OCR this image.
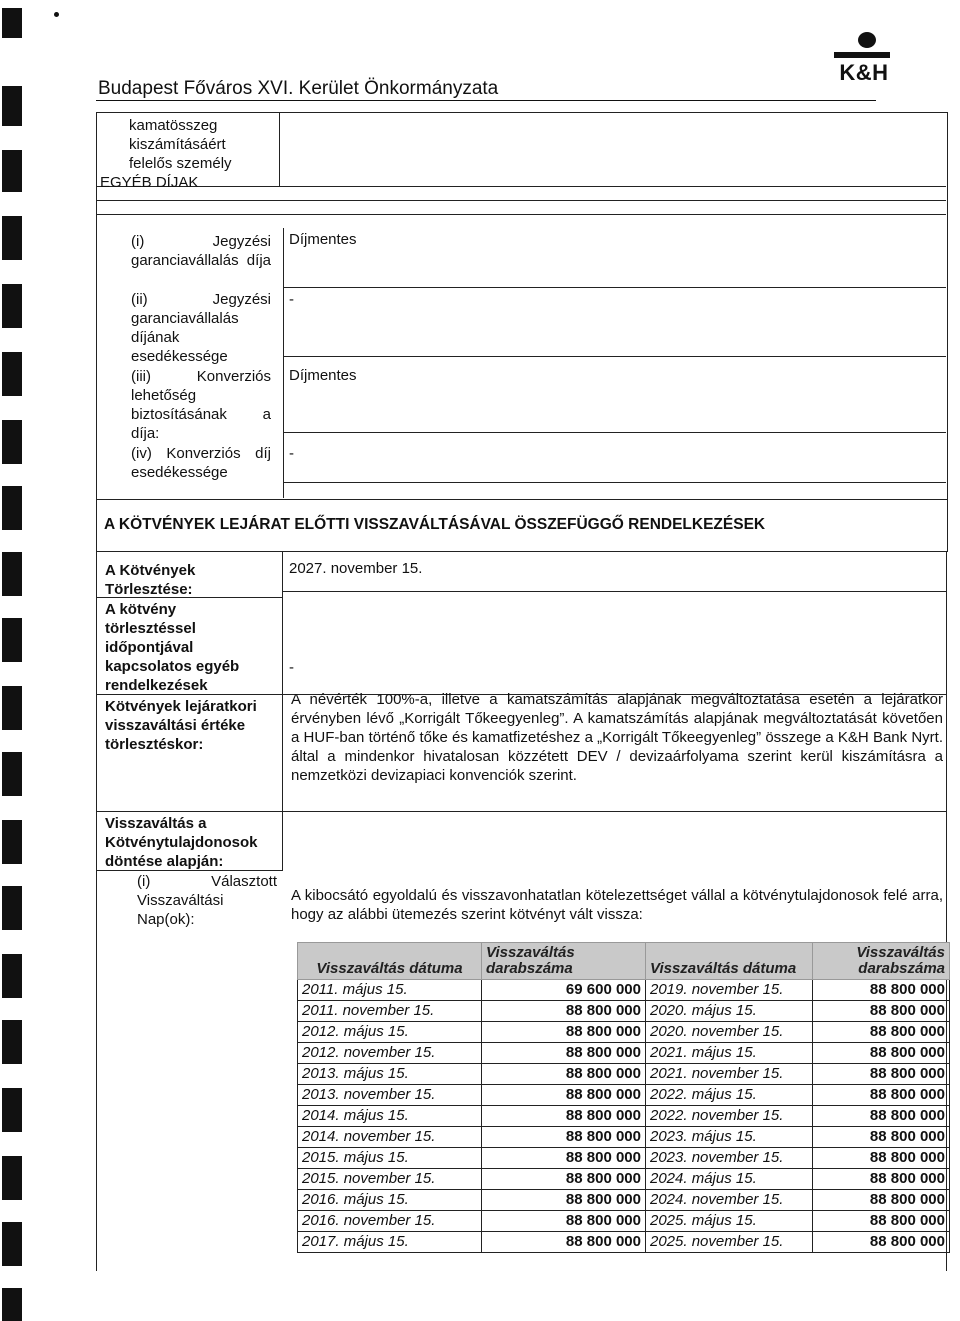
Budapest Főváros XVI. Kerület Önkormányzata
K&H
kamatösszeg kiszámításáért felelős személy
EGYÉB DÍJAK
(i) Jegyzési garanciavállalás díja
Díjmentes
(ii) Jegyzési garanciavállalás díjának esedékessége
-
(iii) Konverziós lehetőség biztosításának a díja:
Díjmentes
(iv) Konverziós díj esedékessége
-
A KÖTVÉNYEK LEJÁRAT ELŐTTI VISSZAVÁLTÁSÁVAL ÖSSZEFÜGGŐ RENDELKEZÉSEK
A Kötvények Törlesztése:
2027. november 15.
A kötvény törlesztéssel időpontjával kapcsolatos egyéb rendelkezések
-
Kötvények lejáratkori visszaváltási értéke törlesztéskor:
A névérték 100%-a, illetve a kamatszámítás alapjának megváltoztatása esetén a lejáratkor érvényben lévő „Korrigált Tőkeegyenleg”. A kamatszámítás alapjának megváltoztatását követően a HUF-ban történő tőke és kamatfizetéshez a „Korrigált Tőkeegyenleg” összege a K&H Bank Nyrt. által a mindenkor hivatalosan közzétett DEV / devizaárfolyama szerint kerül kiszámításra a nemzetközi devizapiaci konvenciók szerint.
Visszaváltás a Kötvénytulajdonosok döntése alapján:
(i) Választott Visszaváltási Nap(ok):
A kibocsátó egyoldalú és visszavonhatatlan kötelezettséget vállal a kötvénytulajdonosok felé arra, hogy az alábbi ütemezés szerint kötvényt vált vissza:
Visszaváltás dátuma	Visszaváltás darabszáma	Visszaváltás dátuma	Visszaváltás darabszáma
2011. május 15.	69 600 000	2019. november 15.	88 800 000
2011. november 15.	88 800 000	2020. május 15.	88 800 000
2012. május 15.	88 800 000	2020. november 15.	88 800 000
2012. november 15.	88 800 000	2021. május 15.	88 800 000
2013. május 15.	88 800 000	2021. november 15.	88 800 000
2013. november 15.	88 800 000	2022. május 15.	88 800 000
2014. május 15.	88 800 000	2022. november 15.	88 800 000
2014. november 15.	88 800 000	2023. május 15.	88 800 000
2015. május 15.	88 800 000	2023. november 15.	88 800 000
2015. november 15.	88 800 000	2024. május 15.	88 800 000
2016. május 15.	88 800 000	2024. november 15.	88 800 000
2016. november 15.	88 800 000	2025. május 15.	88 800 000
2017. május 15.	88 800 000	2025. november 15.	88 800 000
